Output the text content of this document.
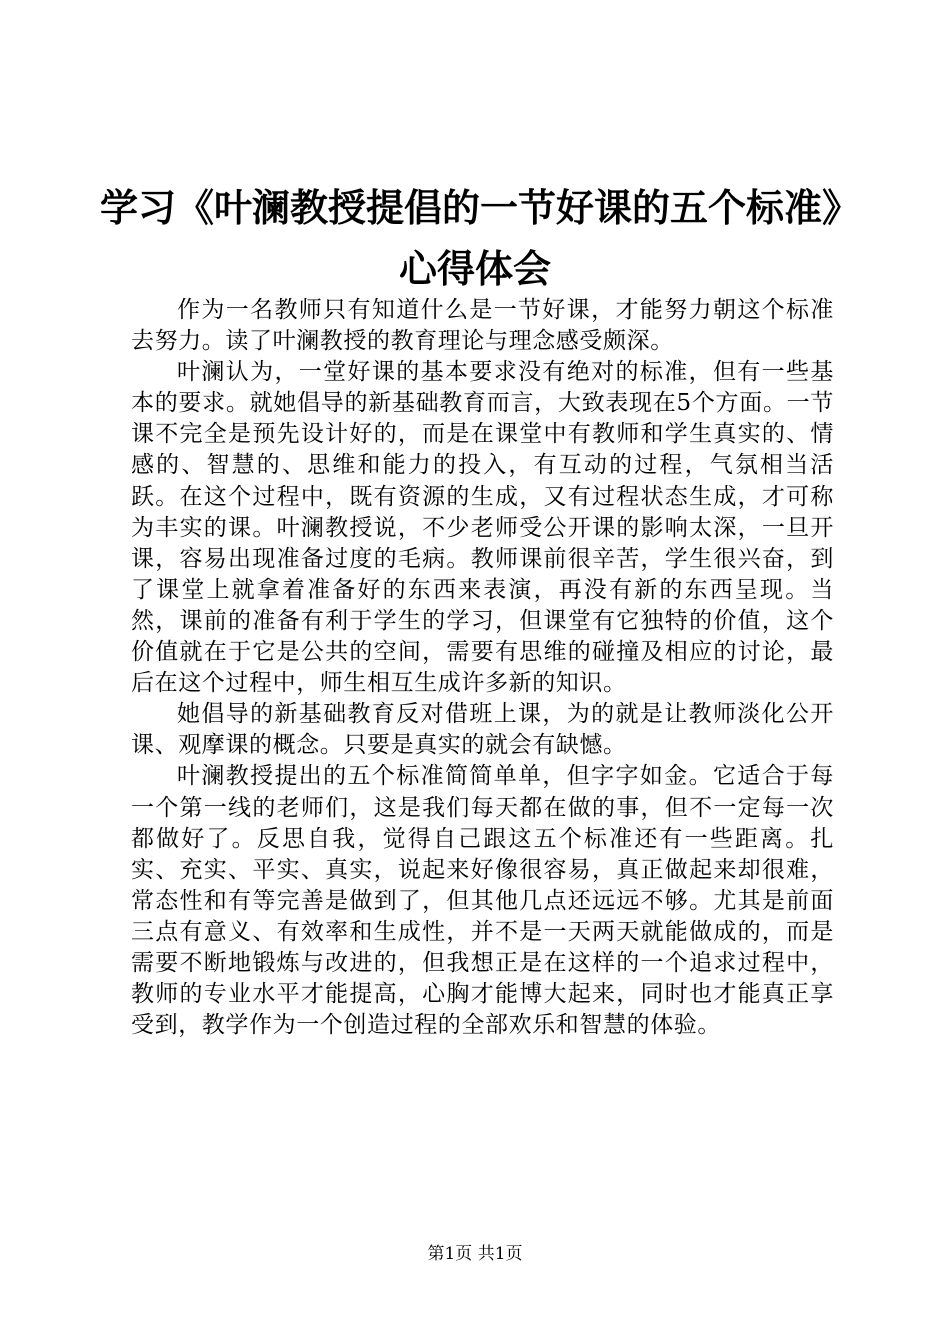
学习《叶澜教授提倡的一节好课的五个标准》
心得体会

作为一名教师只有知道什么是一节好课，才能努力朝这个标准去努力。读了叶澜教授的教育理论与理念感受颇深。

叶澜认为，一堂好课的基本要求没有绝对的标准，但有一些基本的要求。就她倡导的新基础教育而言，大致表现在5个方面。一节课不完全是预先设计好的，而是在课堂中有教师和学生真实的、情感的、智慧的、思维和能力的投入，有互动的过程，气氛相当活跃。在这个过程中，既有资源的生成，又有过程状态生成，才可称为丰实的课。叶澜教授说，不少老师受公开课的影响太深，一旦开课，容易出现准备过度的毛病。教师课前很辛苦，学生很兴奋，到了课堂上就拿着准备好的东西来表演，再没有新的东西呈现。当然，课前的准备有利于学生的学习，但课堂有它独特的价值，这个价值就在于它是公共的空间，需要有思维的碰撞及相应的讨论，最后在这个过程中，师生相互生成许多新的知识。

她倡导的新基础教育反对借班上课，为的就是让教师淡化公开课、观摩课的概念。只要是真实的就会有缺憾。

叶澜教授提出的五个标准简简单单，但字字如金。它适合于每一个第一线的老师们，这是我们每天都在做的事，但不一定每一次都做好了。反思自我，觉得自己跟这五个标准还有一些距离。扎实、充实、平实、真实，说起来好像很容易，真正做起来却很难，常态性和有等完善是做到了，但其他几点还远远不够。尤其是前面三点有意义、有效率和生成性，并不是一天两天就能做成的，而是需要不断地锻炼与改进的，但我想正是在这样的一个追求过程中，教师的专业水平才能提高，心胸才能博大起来，同时也才能真正享受到，教学作为一个创造过程的全部欢乐和智慧的体验。

第1页 共1页
